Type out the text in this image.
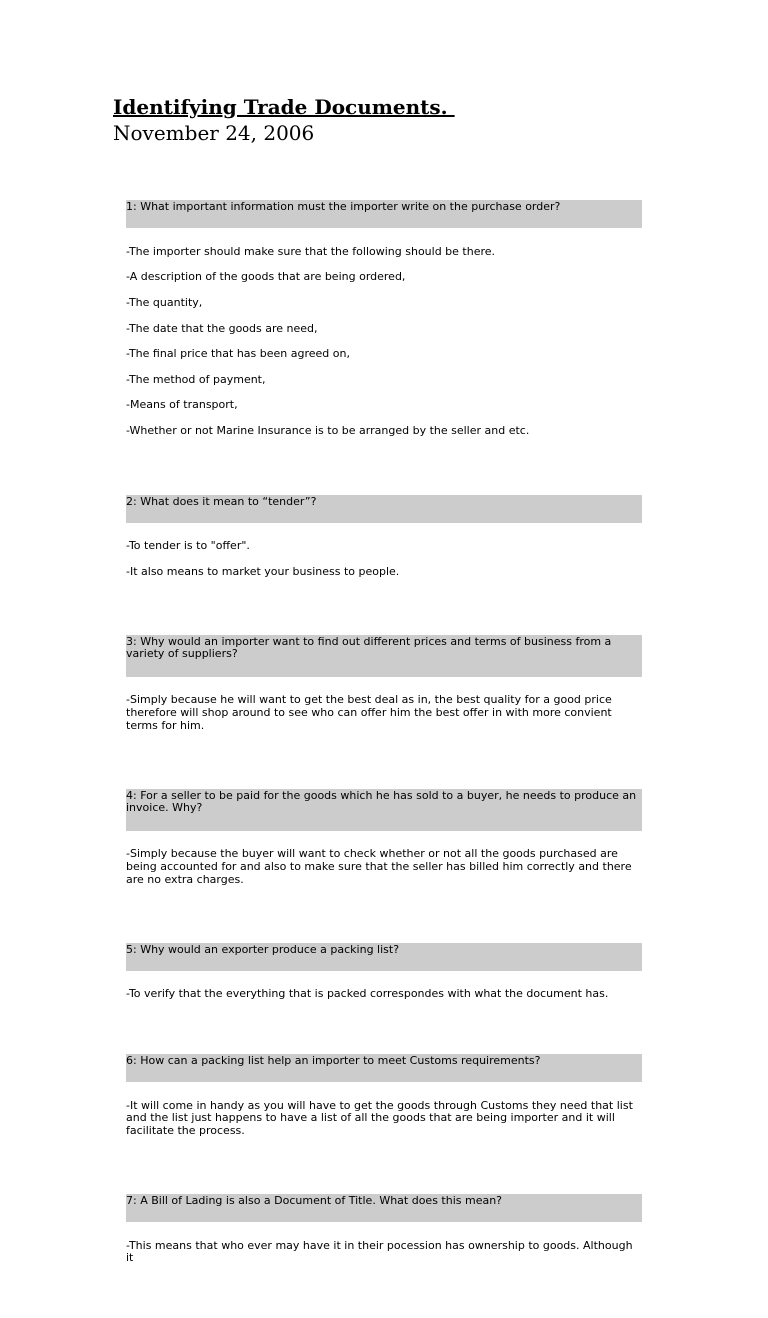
Identifying Trade Documents.
November 24, 2006
1: What important information must the importer write on the purchase order?

-The importer should make sure that the following should be there.

-A description of the goods that are being ordered,

-The quantity,

-The date that the goods are need,

-The final price that has been agreed on,

-The method of payment,

-Means of transport,

-Whether or not Marine Insurance is to be arranged by the seller and etc.

2: What does it mean to “tender”?

-To tender is to "offer".

-It also means to market your business to people.

3: Why would an importer want to find out different prices and terms of business from a variety of suppliers?

-Simply because he will want to get the best deal as in, the best quality for a good price therefore will shop around to see who can offer him the best offer in with more convient terms for him.

4: For a seller to be paid for the goods which he has sold to a buyer, he needs to produce an invoice. Why?

-Simply because the buyer will want to check whether or not all the goods purchased are being accounted for and also to make sure that the seller has billed him correctly and there are no extra charges.

5: Why would an exporter produce a packing list?

-To verify that the everything that is packed correspondes with what the document has.

6: How can a packing list help an importer to meet Customs requirements?

-It will come in handy as you will have to get the goods through Customs they need that list and the list just happens to have a list of all the goods that are being importer and it will facilitate the process.

7: A Bill of Lading is also a Document of Title. What does this mean?

-This means that who ever may have it in their pocession has ownership to goods. Although it
